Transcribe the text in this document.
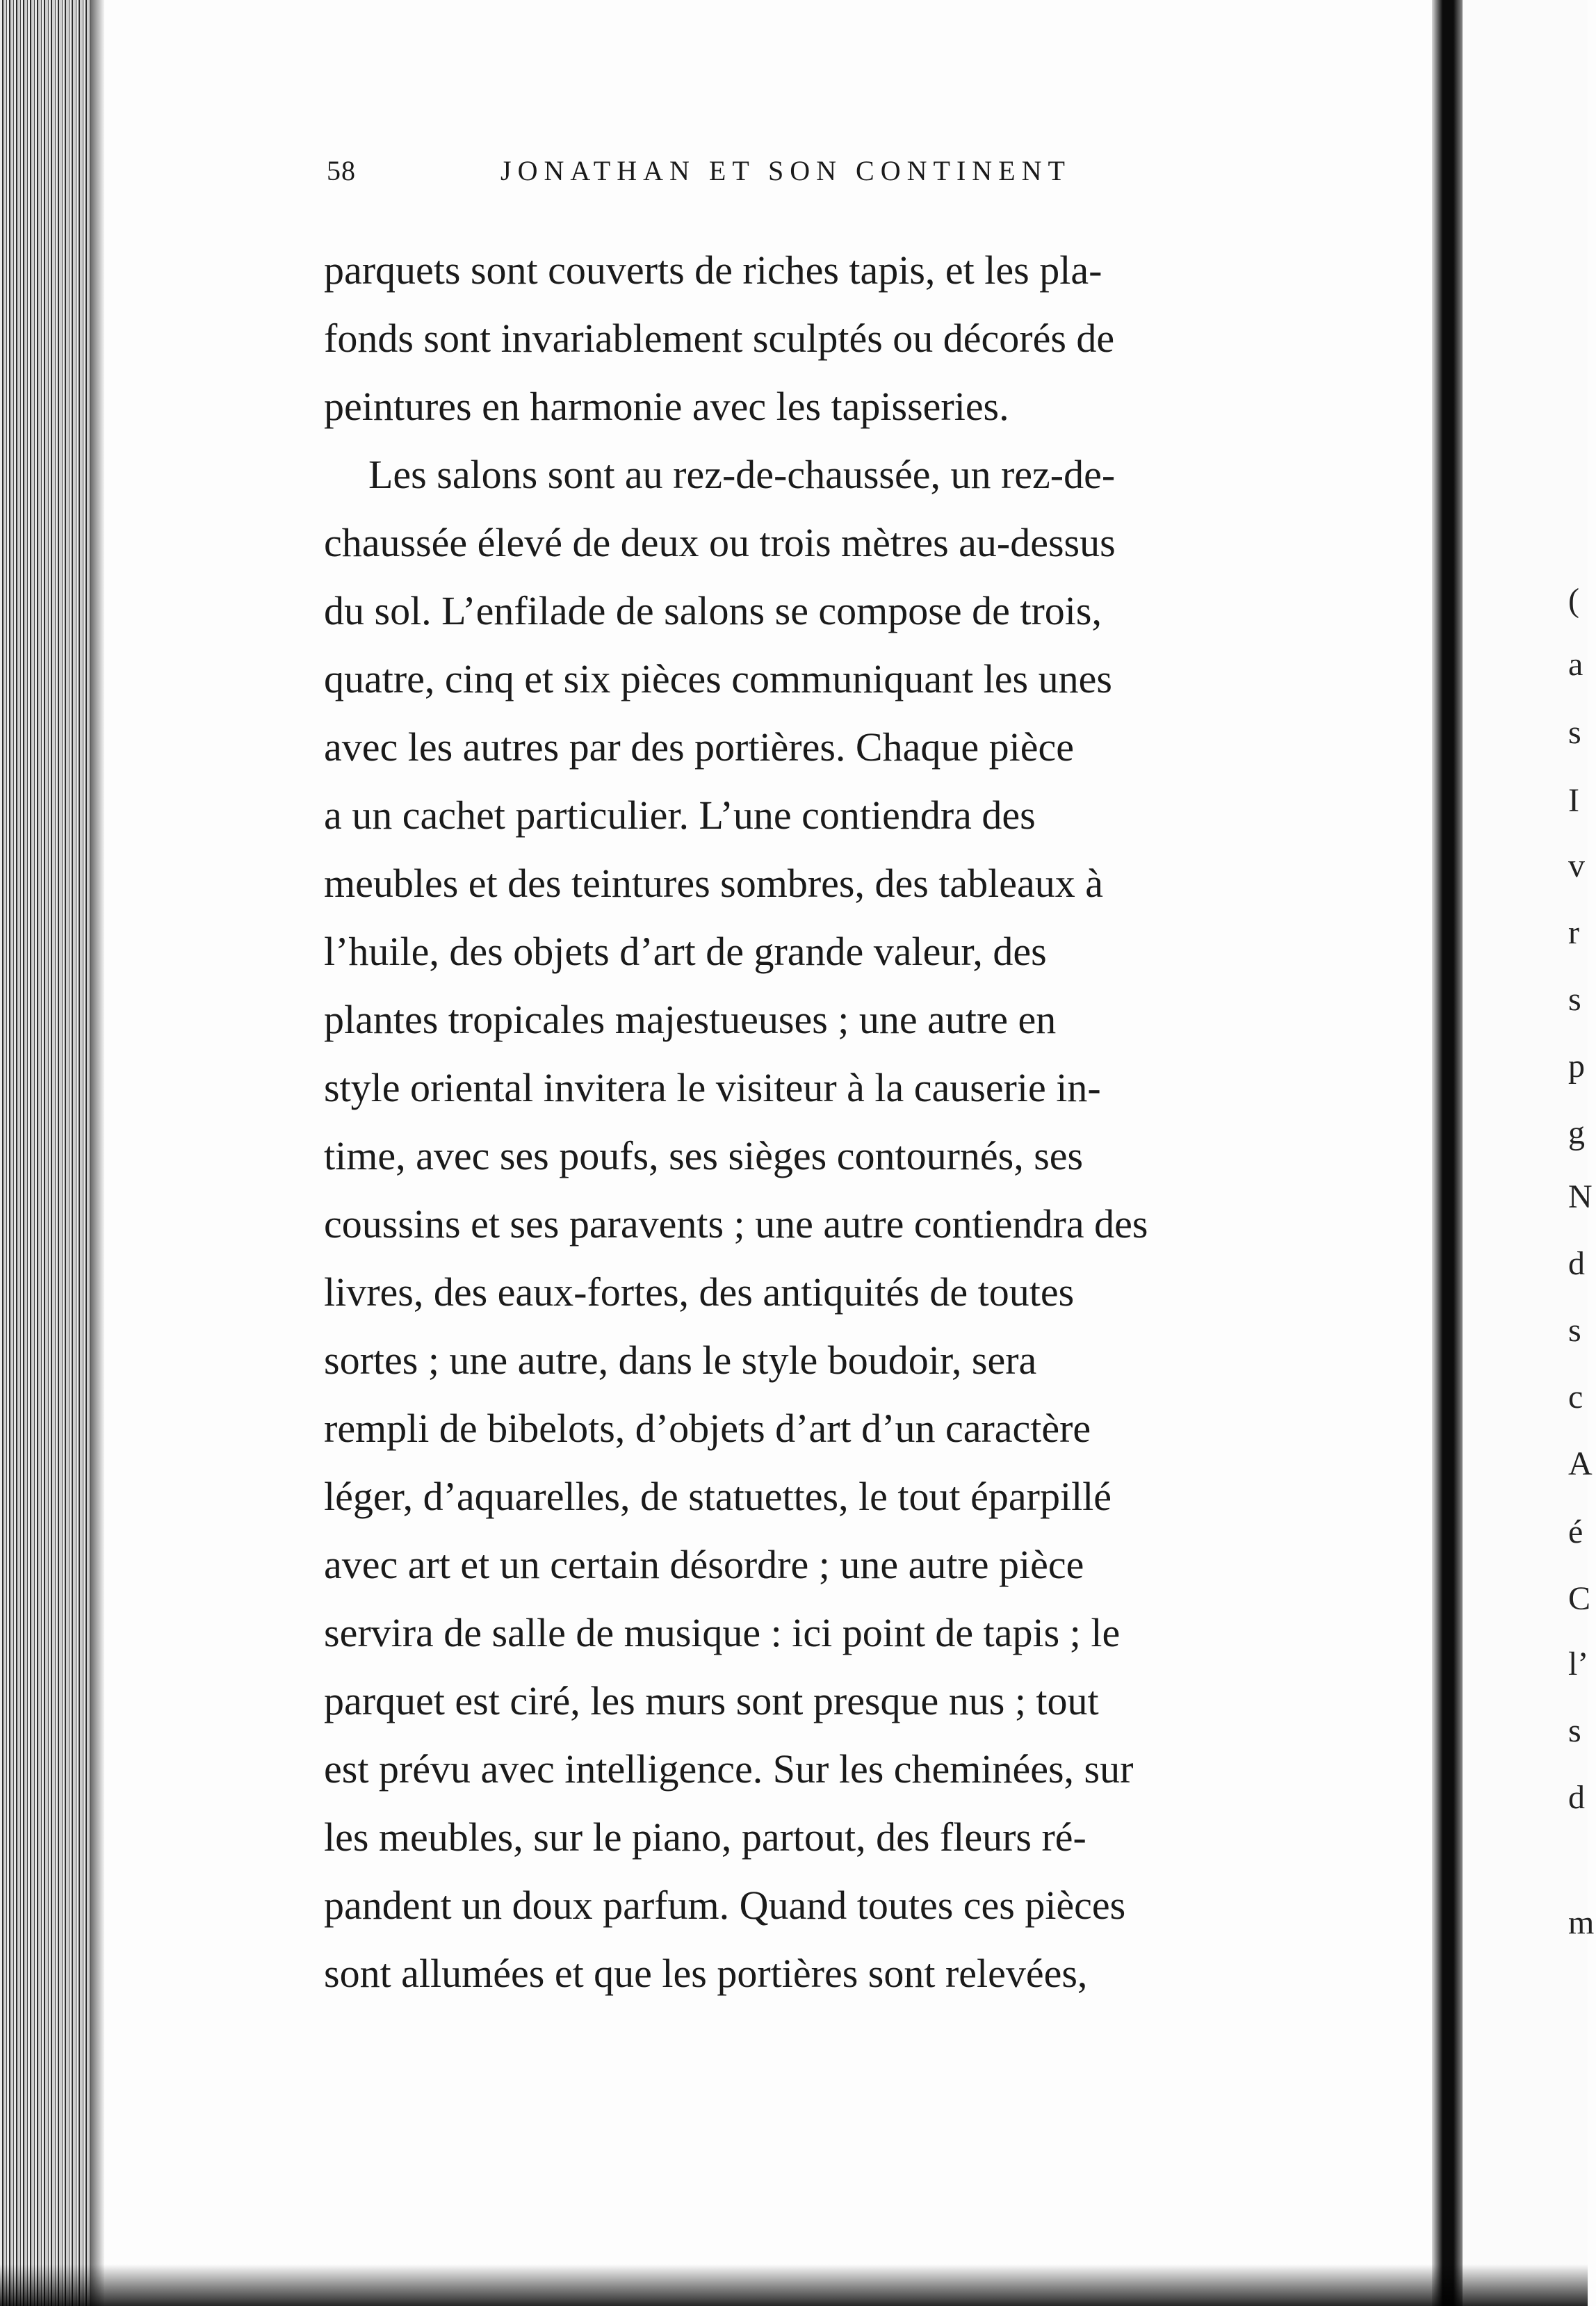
58	JONATHAN ET SON CONTINENT
parquets sont couverts de riches tapis, et les pla-
fonds sont invariablement sculptés ou décorés de
peintures en harmonie avec les tapisseries.
Les salons sont au rez-de-chaussée, un rez-de-
chaussée élevé de deux ou trois mètres au-dessus
du sol. L’enfilade de salons se compose de trois,
quatre, cinq et six pièces communiquant les unes
avec les autres par des portières. Chaque pièce
a un cachet particulier. L’une contiendra des
meubles et des teintures sombres, des tableaux à
l’huile, des objets d’art de grande valeur, des
plantes tropicales majestueuses ; une autre en
style oriental invitera le visiteur à la causerie in-
time, avec ses poufs, ses sièges contournés, ses
coussins et ses paravents ; une autre contiendra des
livres, des eaux-fortes, des antiquités de toutes
sortes ; une autre, dans le style boudoir, sera
rempli de bibelots, d’objets d’art d’un caractère
léger, d’aquarelles, de statuettes, le tout éparpillé
avec art et un certain désordre ; une autre pièce
servira de salle de musique : ici point de tapis ; le
parquet est ciré, les murs sont presque nus ; tout
est prévu avec intelligence. Sur les cheminées, sur
les meubles, sur le piano, partout, des fleurs ré-
pandent un doux parfum. Quand toutes ces pièces
sont allumées et que les portières sont relevées,
(
a
s
I
v
r
s
p
g
N
d
s
c
A
é
C
l’
s
d
m
